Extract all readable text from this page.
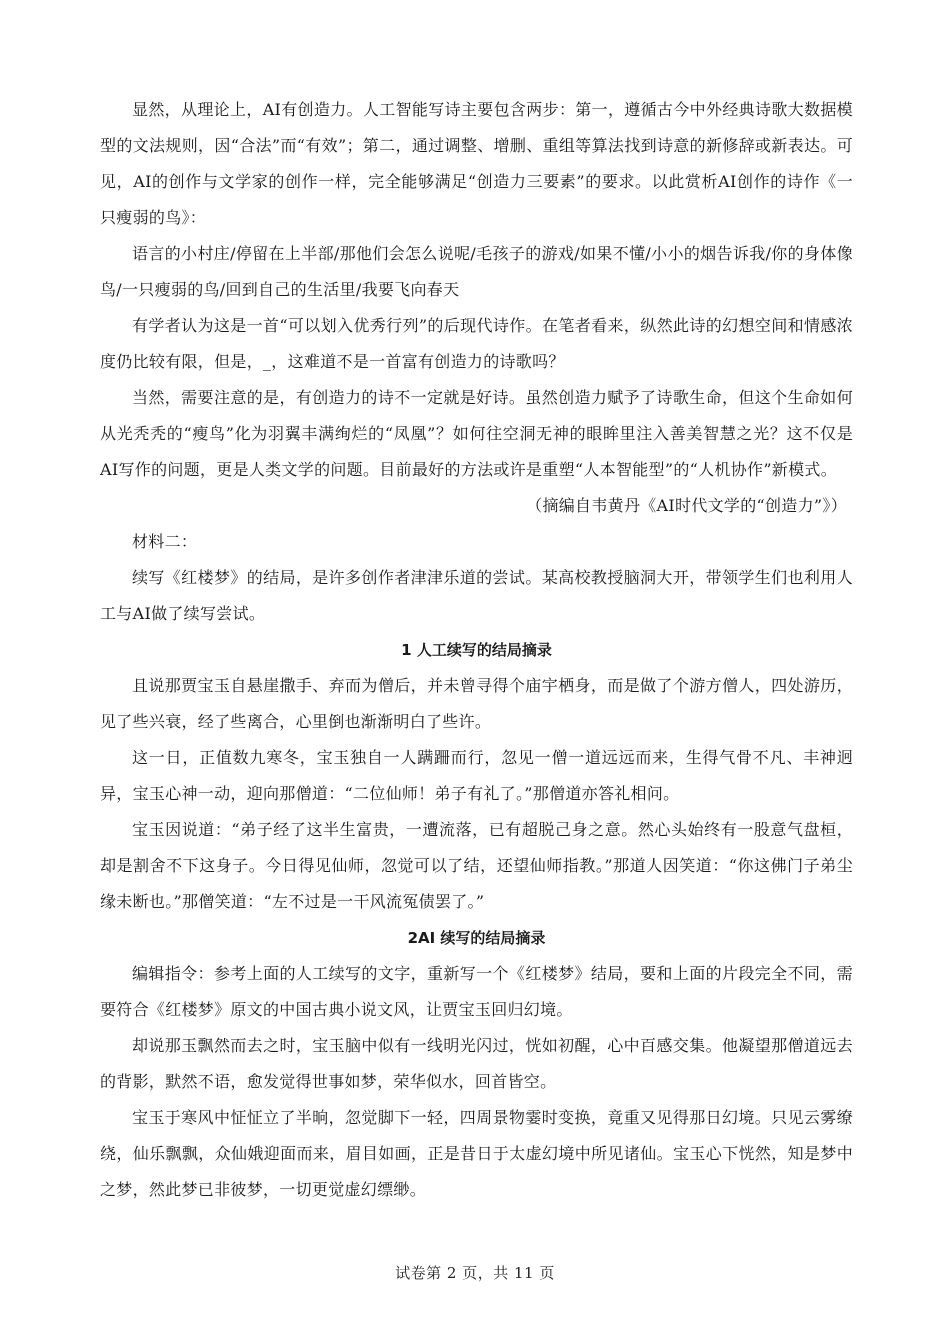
显然，从理论上，AI有创造力。人工智能写诗主要包含两步：第一，遵循古今中外经典诗歌大数据模型的文法规则，因“合法”而“有效”；第二，通过调整、增删、重组等算法找到诗意的新修辞或新表达。可见，AI的创作与文学家的创作一样，完全能够满足“创造力三要素”的要求。以此赏析AI创作的诗作《一只瘦弱的鸟》：

语言的小村庄/停留在上半部/那他们会怎么说呢/毛孩子的游戏/如果不懂/小小的烟告诉我/你的身体像鸟/一只瘦弱的鸟/回到自己的生活里/我要飞向春天

有学者认为这是一首“可以划入优秀行列”的后现代诗作。在笔者看来，纵然此诗的幻想空间和情感浓度仍比较有限，但是，_，这难道不是一首富有创造力的诗歌吗？

当然，需要注意的是，有创造力的诗不一定就是好诗。虽然创造力赋予了诗歌生命，但这个生命如何从光秃秃的“瘦鸟”化为羽翼丰满绚烂的“凤凰”？如何往空洞无神的眼眸里注入善美智慧之光？这不仅是AI写作的问题，更是人类文学的问题。目前最好的方法或许是重塑“人本智能型”的“人机协作”新模式。

（摘编自韦黄丹《AI时代文学的“创造力”》）

材料二：

续写《红楼梦》的结局，是许多创作者津津乐道的尝试。某高校教授脑洞大开，带领学生们也利用人工与AI做了续写尝试。

1 人工续写的结局摘录

且说那贾宝玉自悬崖撒手、弃而为僧后，并未曾寻得个庙宇栖身，而是做了个游方僧人，四处游历，见了些兴衰，经了些离合，心里倒也渐渐明白了些许。

这一日，正值数九寒冬，宝玉独自一人蹒跚而行，忽见一僧一道远远而来，生得气骨不凡、丰神迥异，宝玉心神一动，迎向那僧道：“二位仙师！弟子有礼了。”那僧道亦答礼相问。

宝玉因说道：“弟子经了这半生富贵，一遭流落，已有超脱己身之意。然心头始终有一股意气盘桓，却是割舍不下这身子。今日得见仙师，忽觉可以了结，还望仙师指教。”那道人因笑道：“你这佛门子弟尘缘未断也。”那僧笑道：“左不过是一干风流冤债罢了。”

2AI 续写的结局摘录

编辑指令：参考上面的人工续写的文字，重新写一个《红楼梦》结局，要和上面的片段完全不同，需要符合《红楼梦》原文的中国古典小说文风，让贾宝玉回归幻境。

却说那玉飘然而去之时，宝玉脑中似有一线明光闪过，恍如初醒，心中百感交集。他凝望那僧道远去的背影，默然不语，愈发觉得世事如梦，荣华似水，回首皆空。

宝玉于寒风中怔怔立了半晌，忽觉脚下一轻，四周景物霎时变换，竟重又见得那日幻境。只见云雾缭绕，仙乐飘飘，众仙娥迎面而来，眉目如画，正是昔日于太虚幻境中所见诸仙。宝玉心下恍然，知是梦中之梦，然此梦已非彼梦，一切更觉虚幻缥缈。

试卷第 2 页，共 11 页
